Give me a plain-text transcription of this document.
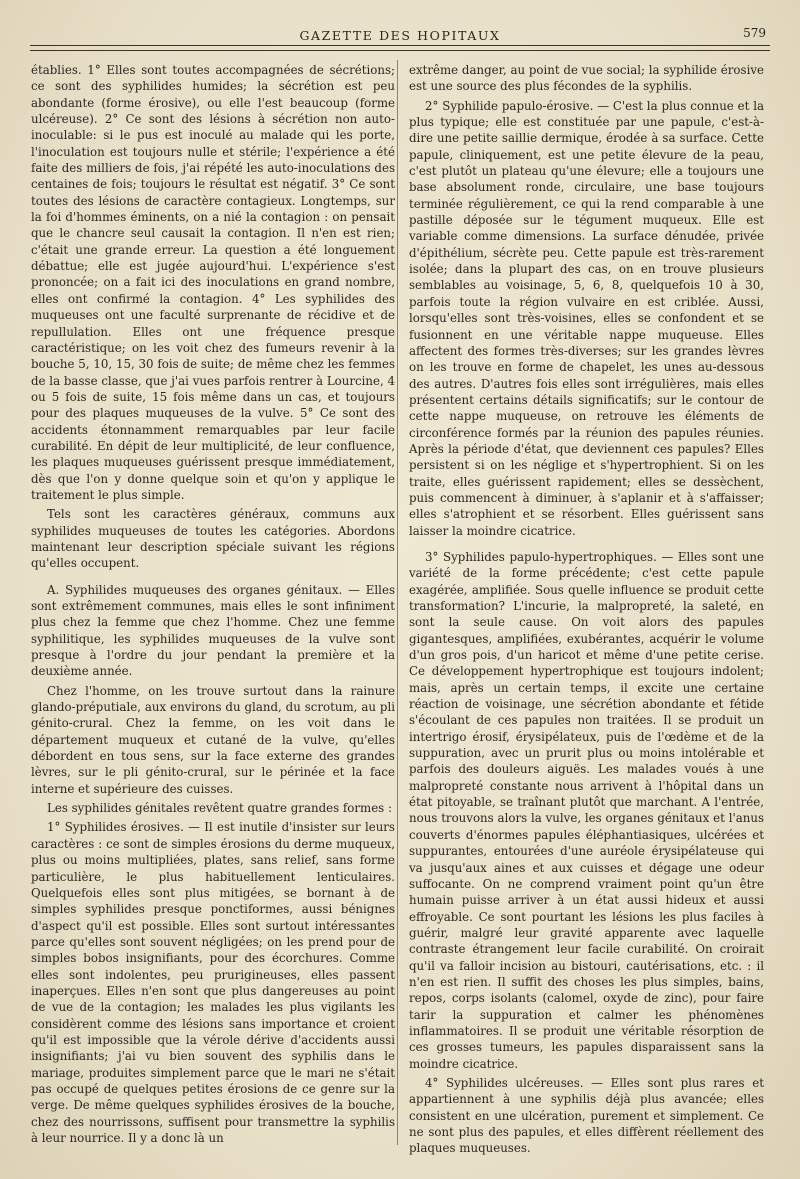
GAZETTE DES HOPITAUX	579

établies. 1° Elles sont toutes accompagnées de sécrétions; ce sont des syphilides humides; la sécrétion est peu abondante (forme érosive), ou elle l'est beaucoup (forme ulcéreuse). 2° Ce sont des lésions à sécrétion non auto-inoculable: si le pus est inoculé au malade qui les porte, l'inoculation est toujours nulle et stérile; l'expérience a été faite des milliers de fois, j'ai répété les auto-inoculations des centaines de fois; toujours le résultat est négatif. 3° Ce sont toutes des lésions de caractère contagieux. Longtemps, sur la foi d'hommes éminents, on a nié la contagion : on pensait que le chancre seul causait la contagion. Il n'en est rien; c'était une grande erreur. La question a été longuement débattue; elle est jugée aujourd'hui. L'expérience s'est prononcée; on a fait ici des inoculations en grand nombre, elles ont confirmé la contagion. 4° Les syphilides des muqueuses ont une faculté surprenante de récidive et de repullulation. Elles ont une fréquence presque caractéristique; on les voit chez des fumeurs revenir à la bouche 5, 10, 15, 30 fois de suite; de même chez les femmes de la basse classe, que j'ai vues parfois rentrer à Lourcine, 4 ou 5 fois de suite, 15 fois même dans un cas, et toujours pour des plaques muqueuses de la vulve. 5° Ce sont des accidents étonnamment remarquables par leur facile curabilité. En dépit de leur multiplicité, de leur confluence, les plaques muqueuses guérissent presque immédiatement, dès que l'on y donne quelque soin et qu'on y applique le traitement le plus simple.

Tels sont les caractères généraux, communs aux syphilides muqueuses de toutes les catégories. Abordons maintenant leur description spéciale suivant les régions qu'elles occupent.

A. Syphilides muqueuses des organes génitaux. — Elles sont extrêmement communes, mais elles le sont infiniment plus chez la femme que chez l'homme. Chez une femme syphilitique, les syphilides muqueuses de la vulve sont presque à l'ordre du jour pendant la première et la deuxième année.

Chez l'homme, on les trouve surtout dans la rainure glando-préputiale, aux environs du gland, du scrotum, au pli génito-crural. Chez la femme, on les voit dans le département muqueux et cutané de la vulve, qu'elles débordent en tous sens, sur la face externe des grandes lèvres, sur le pli génito-crural, sur le périnée et la face interne et supérieure des cuisses.

Les syphilides génitales revêtent quatre grandes formes :

1° Syphilides érosives. — Il est inutile d'insister sur leurs caractères : ce sont de simples érosions du derme muqueux, plus ou moins multipliées, plates, sans relief, sans forme particulière, le plus habituellement lenticulaires. Quelquefois elles sont plus mitigées, se bornant à de simples syphilides presque ponctiformes, aussi bénignes d'aspect qu'il est possible. Elles sont surtout intéressantes parce qu'elles sont souvent négligées; on les prend pour de simples bobos insignifiants, pour des écorchures. Comme elles sont indolentes, peu prurigineuses, elles passent inaperçues. Elles n'en sont que plus dangereuses au point de vue de la contagion; les malades les plus vigilants les considèrent comme des lésions sans importance et croient qu'il est impossible que la vérole dérive d'accidents aussi insignifiants; j'ai vu bien souvent des syphilis dans le mariage, produites simplement parce que le mari ne s'était pas occupé de quelques petites érosions de ce genre sur la verge. De même quelques syphilides érosives de la bouche, chez des nourrissons, suffisent pour transmettre la syphilis à leur nourrice. Il y a donc là un

extrême danger, au point de vue social; la syphilide érosive est une source des plus fécondes de la syphilis.

2° Syphilide papulo-érosive. — C'est la plus connue et la plus typique; elle est constituée par une papule, c'est-à-dire une petite saillie dermique, érodée à sa surface. Cette papule, cliniquement, est une petite élevure de la peau, c'est plutôt un plateau qu'une élevure; elle a toujours une base absolument ronde, circulaire, une base toujours terminée régulièrement, ce qui la rend comparable à une pastille déposée sur le tégument muqueux. Elle est variable comme dimensions. La surface dénudée, privée d'épithélium, sécrète peu. Cette papule est très-rarement isolée; dans la plupart des cas, on en trouve plusieurs semblables au voisinage, 5, 6, 8, quelquefois 10 à 30, parfois toute la région vulvaire en est criblée. Aussi, lorsqu'elles sont très-voisines, elles se confondent et se fusionnent en une véritable nappe muqueuse. Elles affectent des formes très-diverses; sur les grandes lèvres on les trouve en forme de chapelet, les unes au-dessous des autres. D'autres fois elles sont irrégulières, mais elles présentent certains détails significatifs; sur le contour de cette nappe muqueuse, on retrouve les éléments de circonférence formés par la réunion des papules réunies. Après la période d'état, que deviennent ces papules? Elles persistent si on les néglige et s'hypertrophient. Si on les traite, elles guérissent rapidement; elles se dessèchent, puis commencent à diminuer, à s'aplanir et à s'affaisser; elles s'atrophient et se résorbent. Elles guérissent sans laisser la moindre cicatrice.

3° Syphilides papulo-hypertrophiques. — Elles sont une variété de la forme précédente; c'est cette papule exagérée, amplifiée. Sous quelle influence se produit cette transformation? L'incurie, la malpropreté, la saleté, en sont la seule cause. On voit alors des papules gigantesques, amplifiées, exubérantes, acquérir le volume d'un gros pois, d'un haricot et même d'une petite cerise. Ce développement hypertrophique est toujours indolent; mais, après un certain temps, il excite une certaine réaction de voisinage, une sécrétion abondante et fétide s'écoulant de ces papules non traitées. Il se produit un intertrigo érosif, érysipélateux, puis de l'œdème et de la suppuration, avec un prurit plus ou moins intolérable et parfois des douleurs aiguës. Les malades voués à une malpropreté constante nous arrivent à l'hôpital dans un état pitoyable, se traînant plutôt que marchant. A l'entrée, nous trouvons alors la vulve, les organes génitaux et l'anus couverts d'énormes papules éléphantiasiques, ulcérées et suppurantes, entourées d'une auréole érysipélateuse qui va jusqu'aux aines et aux cuisses et dégage une odeur suffocante. On ne comprend vraiment point qu'un être humain puisse arriver à un état aussi hideux et aussi effroyable. Ce sont pourtant les lésions les plus faciles à guérir, malgré leur gravité apparente avec laquelle contraste étrangement leur facile curabilité. On croirait qu'il va falloir incision au bistouri, cautérisations, etc. : il n'en est rien. Il suffit des choses les plus simples, bains, repos, corps isolants (calomel, oxyde de zinc), pour faire tarir la suppuration et calmer les phénomènes inflammatoires. Il se produit une véritable résorption de ces grosses tumeurs, les papules disparaissent sans la moindre cicatrice.

4° Syphilides ulcéreuses. — Elles sont plus rares et appartiennent à une syphilis déjà plus avancée; elles consistent en une ulcération, purement et simplement. Ce ne sont plus des papules, et elles diffèrent réellement des plaques muqueuses.
